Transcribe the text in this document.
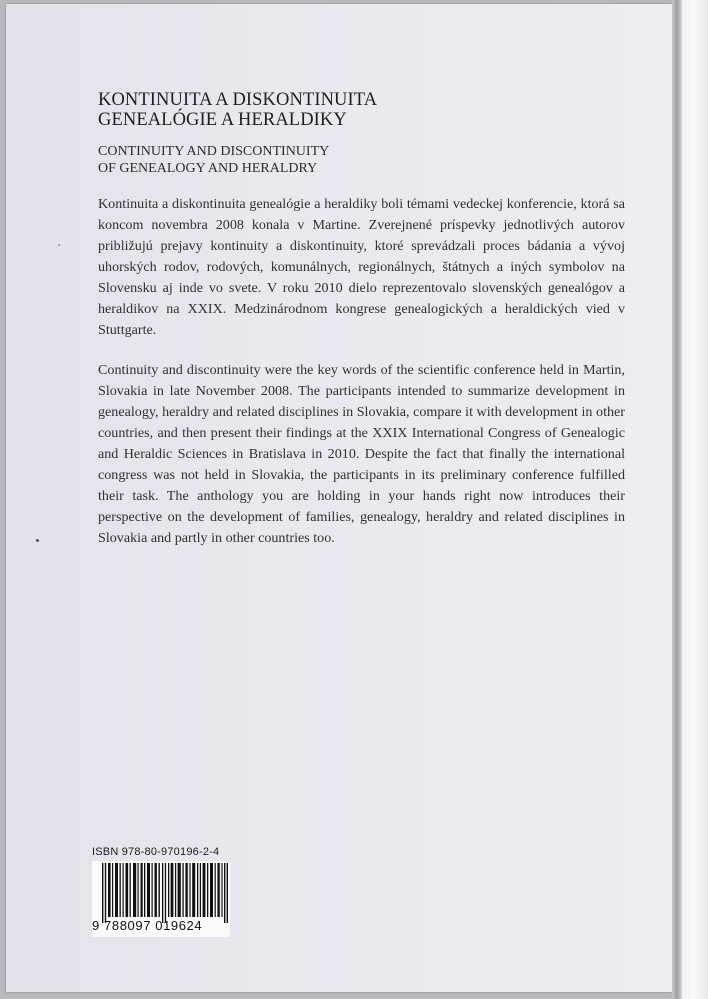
KONTINUITA A DISKONTINUITA
GENEALÓGIE A HERALDIKY
CONTINUITY AND DISCONTINUITY
OF GENEALOGY AND HERALDRY

Kontinuita a diskontinuita genealógie a heraldiky boli témami vedeckej konferencie, ktorá sa koncom novembra 2008 konala v Martine. Zverejnené príspevky jednotlivých autorov približujú prejavy kontinuity a diskontinuity, ktoré sprevádzali proces bádania a vývoj uhorských rodov, rodových, komunálnych, regionálnych, štátnych a iných symbolov na Slovensku aj inde vo svete. V roku 2010 dielo reprezentovalo slovenských genealógov a heraldikov na XXIX. Medzinárodnom kongrese genealogických a heraldických vied v Stuttgarte.

Continuity and discontinuity were the key words of the scientific conference held in Martin, Slovakia in late November 2008. The participants intended to summarize development in genealogy, heraldry and related disciplines in Slovakia, compare it with development in other countries, and then present their findings at the XXIX International Congress of Genealogic and Heraldic Sciences in Bratislava in 2010. Despite the fact that finally the international congress was not held in Slovakia, the participants in its preliminary conference fulfilled their task. The anthology you are holding in your hands right now introduces their perspective on the development of families, genealogy, heraldry and related disciplines in Slovakia and partly in other countries too.

ISBN 978-80-970196-2-4
9 788097 019624
